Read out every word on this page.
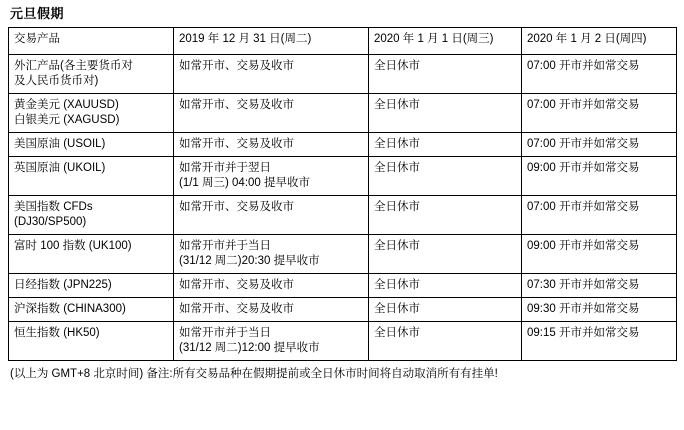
元旦假期
交易产品	2019 年 12 月 31 日(周二)	2020 年 1 月 1 日(周三)	2020 年 1 月 2 日(周四)

外汇产品(各主要货币对
及人民币货币对)	如常开市、交易及收市	全日休市	07:00 开市并如常交易

黄金美元 (XAUUSD)
白银美元 (XAGUSD)	如常开市、交易及收市	全日休市	07:00 开市并如常交易

美国原油 (USOIL)	如常开市、交易及收市	全日休市	07:00 开市并如常交易

英国原油 (UKOIL)	如常开市并于翌日
(1/1 周三) 04:00 提早收市	全日休市	09:00 开市并如常交易

美国指数 CFDs
(DJ30/SP500)	如常开市、交易及收市	全日休市	07:00 开市并如常交易

富时 100 指数 (UK100)	如常开市并于当日
(31/12 周二)20:30 提早收市	全日休市	09:00 开市并如常交易

日经指数 (JPN225)	如常开市、交易及收市	全日休市	07:30 开市并如常交易

沪深指数 (CHINA300)	如常开市、交易及收市	全日休市	09:30 开市并如常交易

恒生指数 (HK50)	如常开市并于当日
(31/12 周二)12:00 提早收市	全日休市	09:15 开市并如常交易
(以上为 GMT+8 北京时间) 备注:所有交易品种在假期提前或全日休市时间将自动取消所有有挂单!
